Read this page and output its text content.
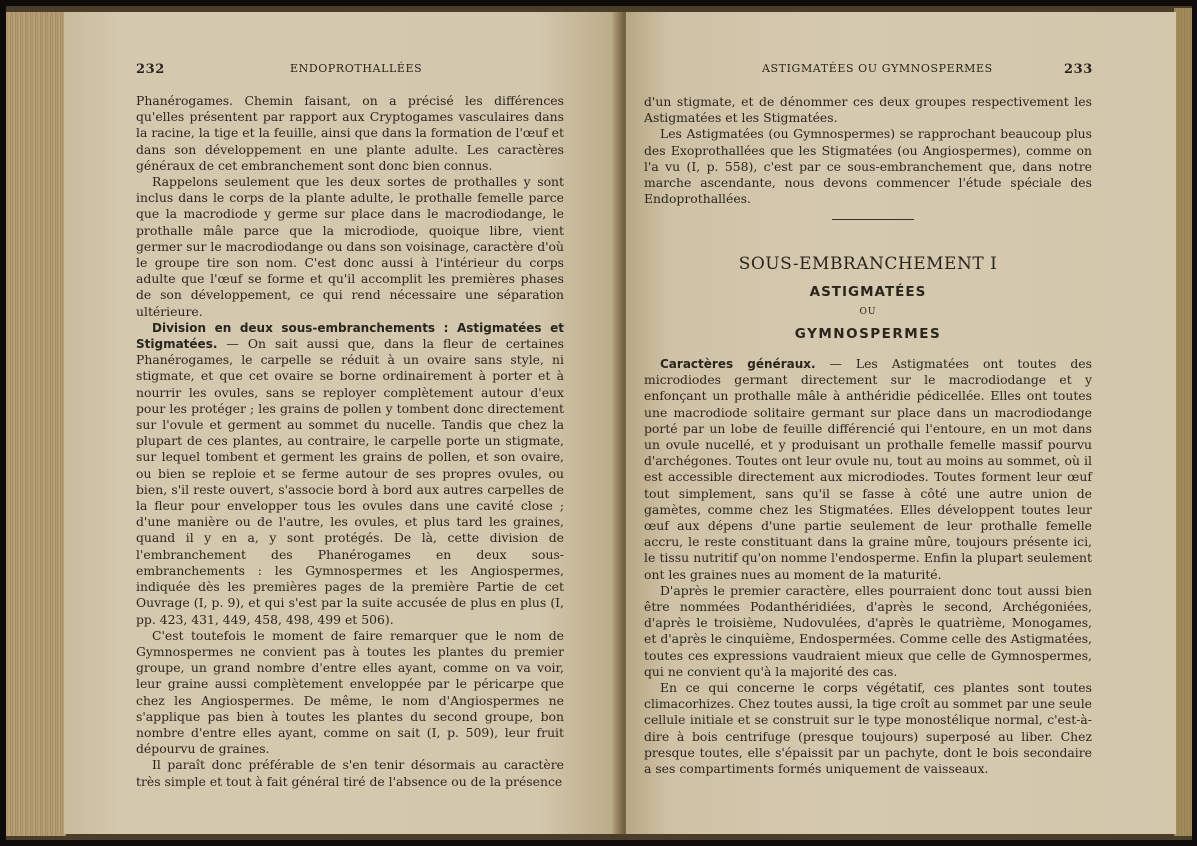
232	ENDOPROTHALLÉES

Phanérogames. Chemin faisant, on a précisé les différences qu'elles présentent par rapport aux Cryptogames vasculaires dans la racine, la tige et la feuille, ainsi que dans la formation de l'œuf et dans son développement en une plante adulte. Les caractères généraux de cet embranchement sont donc bien connus.

Rappelons seulement que les deux sortes de prothalles y sont inclus dans le corps de la plante adulte, le prothalle femelle parce que la macrodiode y germe sur place dans le macrodiodange, le prothalle mâle parce que la microdiode, quoique libre, vient germer sur le macrodiodange ou dans son voisinage, caractère d'où le groupe tire son nom. C'est donc aussi à l'intérieur du corps adulte que l'œuf se forme et qu'il accomplit les premières phases de son développement, ce qui rend nécessaire une séparation ultérieure.

Division en deux sous-embranchements : Astigmatées et Stigmatées. — On sait aussi que, dans la fleur de certaines Phanérogames, le carpelle se réduit à un ovaire sans style, ni stigmate, et que cet ovaire se borne ordinairement à porter et à nourrir les ovules, sans se reployer complètement autour d'eux pour les protéger ; les grains de pollen y tombent donc directement sur l'ovule et germent au sommet du nucelle. Tandis que chez la plupart de ces plantes, au contraire, le carpelle porte un stigmate, sur lequel tombent et germent les grains de pollen, et son ovaire, ou bien se reploie et se ferme autour de ses propres ovules, ou bien, s'il reste ouvert, s'associe bord à bord aux autres carpelles de la fleur pour envelopper tous les ovules dans une cavité close ; d'une manière ou de l'autre, les ovules, et plus tard les graines, quand il y en a, y sont protégés. De là, cette division de l'embranchement des Phanérogames en deux sous-embranchements : les Gymnospermes et les Angiospermes, indiquée dès les premières pages de la première Partie de cet Ouvrage (I, p. 9), et qui s'est par la suite accusée de plus en plus (I, pp. 423, 431, 449, 458, 498, 499 et 506).

C'est toutefois le moment de faire remarquer que le nom de Gymnospermes ne convient pas à toutes les plantes du premier groupe, un grand nombre d'entre elles ayant, comme on va voir, leur graine aussi complètement enveloppée par le péricarpe que chez les Angiospermes. De même, le nom d'Angiospermes ne s'applique pas bien à toutes les plantes du second groupe, bon nombre d'entre elles ayant, comme on sait (I, p. 509), leur fruit dépourvu de graines.

Il paraît donc préférable de s'en tenir désormais au caractère très simple et tout à fait général tiré de l'absence ou de la présence

ASTIGMATÉES OU GYMNOSPERMES	233

d'un stigmate, et de dénommer ces deux groupes respectivement les Astigmatées et les Stigmatées.

Les Astigmatées (ou Gymnospermes) se rapprochant beaucoup plus des Exoprothallées que les Stigmatées (ou Angiospermes), comme on l'a vu (I, p. 558), c'est par ce sous-embranchement que, dans notre marche ascendante, nous devons commencer l'étude spéciale des Endoprothallées.

SOUS-EMBRANCHEMENT I
ASTIGMATÉES
OU
GYMNOSPERMES

Caractères généraux. — Les Astigmatées ont toutes des microdiodes germant directement sur le macrodiodange et y enfonçant un prothalle mâle à anthéridie pédicellée. Elles ont toutes une macrodiode solitaire germant sur place dans un macrodiodange porté par un lobe de feuille différencié qui l'entoure, en un mot dans un ovule nucellé, et y produisant un prothalle femelle massif pourvu d'archégones. Toutes ont leur ovule nu, tout au moins au sommet, où il est accessible directement aux microdiodes. Toutes forment leur œuf tout simplement, sans qu'il se fasse à côté une autre union de gamètes, comme chez les Stigmatées. Elles développent toutes leur œuf aux dépens d'une partie seulement de leur prothalle femelle accru, le reste constituant dans la graine mûre, toujours présente ici, le tissu nutritif qu'on nomme l'endosperme. Enfin la plupart seulement ont les graines nues au moment de la maturité.

D'après le premier caractère, elles pourraient donc tout aussi bien être nommées Podanthéridiées, d'après le second, Archégoniées, d'après le troisième, Nudovulées, d'après le quatrième, Monogames, et d'après le cinquième, Endospermées. Comme celle des Astigmatées, toutes ces expressions vaudraient mieux que celle de Gymnospermes, qui ne convient qu'à la majorité des cas.

En ce qui concerne le corps végétatif, ces plantes sont toutes climacorhizes. Chez toutes aussi, la tige croît au sommet par une seule cellule initiale et se construit sur le type monostélique normal, c'est-à-dire à bois centrifuge (presque toujours) superposé au liber. Chez presque toutes, elle s'épaissit par un pachyte, dont le bois secondaire a ses compartiments formés uniquement de vaisseaux.
